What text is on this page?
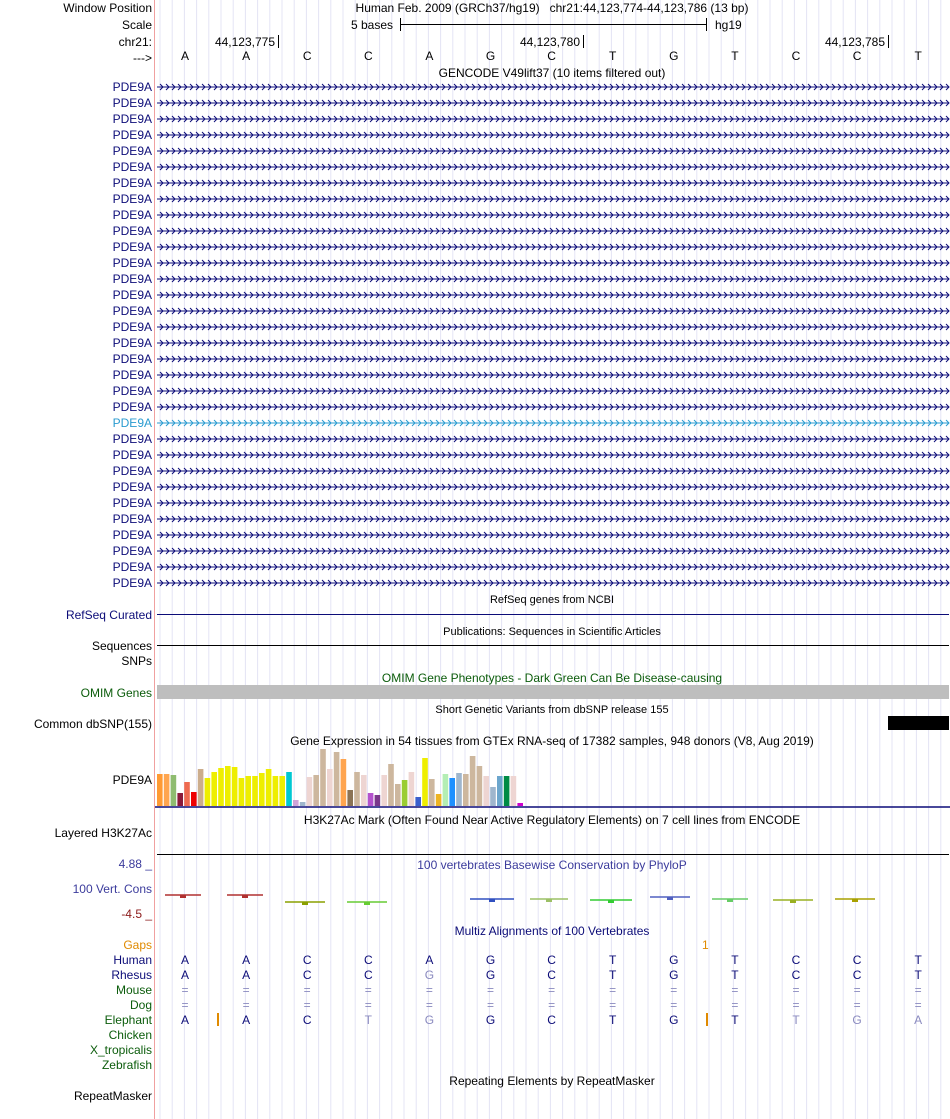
Window Position	Human Feb. 2009 (GRCh37/hg19)   chr21:44,123,774-44,123,786 (13 bp)
Scale	5 bases	hg19
chr21:	44,123,775	44,123,780	44,123,785
---> A	A	C	C	A	G	C	T	G	T	C	C	T
GENCODE V49lift37 (10 items filtered out)
PDE9A
PDE9A
PDE9A
PDE9A
PDE9A
PDE9A
PDE9A
PDE9A
PDE9A
PDE9A
PDE9A
PDE9A
PDE9A
PDE9A
PDE9A
PDE9A
PDE9A
PDE9A
PDE9A
PDE9A
PDE9A
PDE9A
PDE9A
PDE9A
PDE9A
PDE9A
PDE9A
PDE9A
PDE9A
PDE9A
PDE9A
PDE9A
RefSeq genes from NCBI
RefSeq Curated
Publications: Sequences in Scientific Articles
Sequences
SNPs
OMIM Gene Phenotypes - Dark Green Can Be Disease-causing
OMIM Genes
Short Genetic Variants from dbSNP release 155
Common dbSNP(155)
Gene Expression in 54 tissues from GTEx RNA-seq of 17382 samples, 948 donors (V8, Aug 2019)
PDE9A
H3K27Ac Mark (Often Found Near Active Regulatory Elements) on 7 cell lines from ENCODE
Layered H3K27Ac
100 vertebrates Basewise Conservation by PhyloP
4.88 _
100 Vert. Cons
-4.5 _
Multiz Alignments of 100 Vertebrates
Gaps	1
Human A	A	C	C	A	G	C	T	G	T	C	C	T
Rhesus A	A	C	C	G	G	C	T	G	T	C	C	T
Mouse =	=	=	=	=	=	=	=	=	=	=	=	=
Dog =	=	=	=	=	=	=	=	=	=	=	=	=
Elephant A	A	C	T	G	G	C	T	G	T	T	G	A
Chicken
X_tropicalis
Zebrafish
Repeating Elements by RepeatMasker
RepeatMasker
